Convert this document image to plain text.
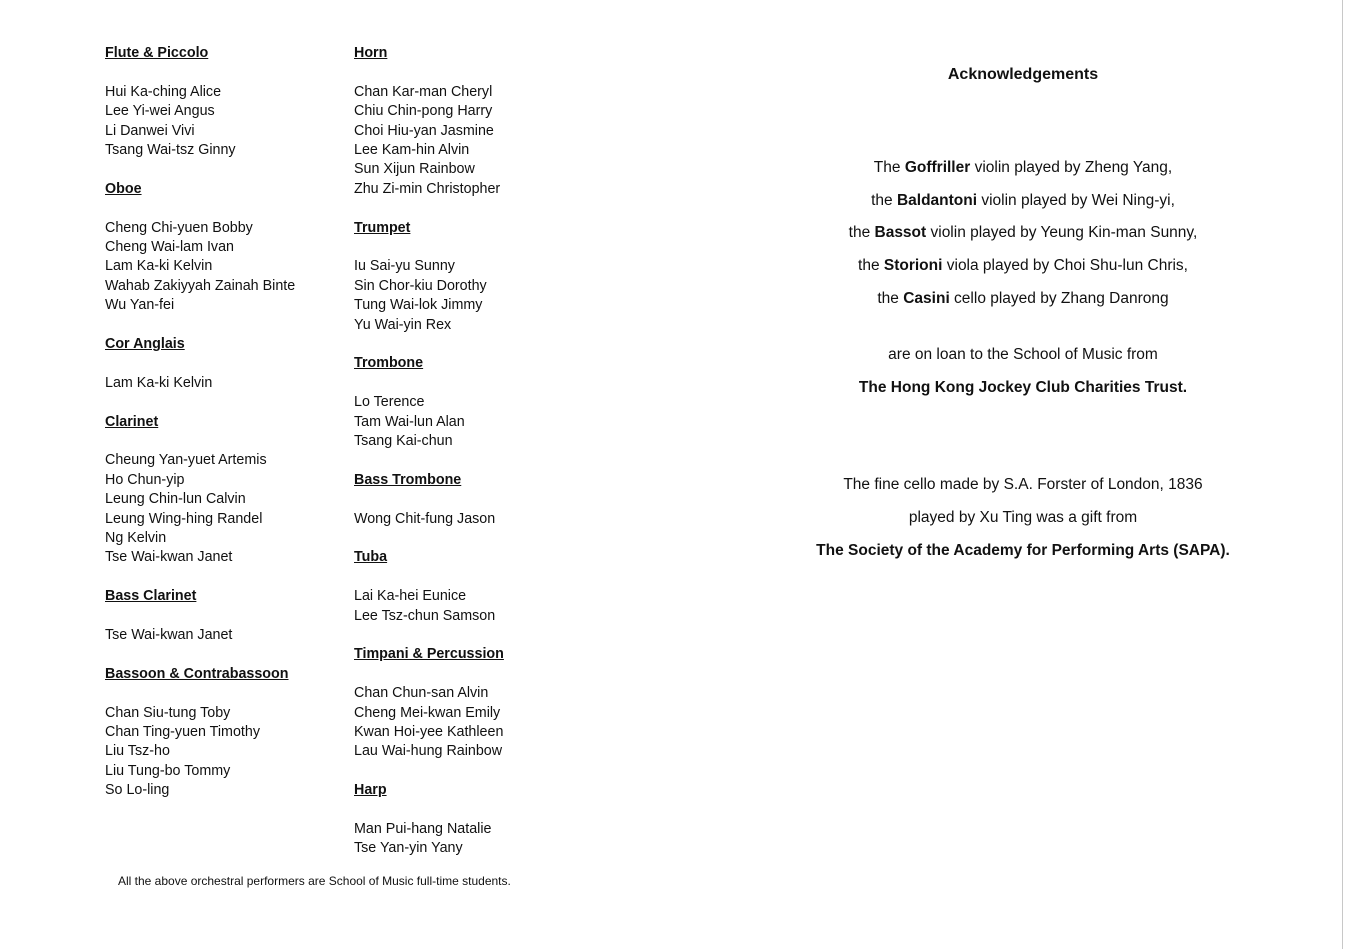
Flute & Piccolo
Hui Ka-ching Alice
Lee Yi-wei Angus
Li Danwei Vivi
Tsang Wai-tsz Ginny
Oboe
Cheng Chi-yuen Bobby
Cheng Wai-lam Ivan
Lam Ka-ki Kelvin
Wahab Zakiyyah Zainah Binte
Wu Yan-fei
Cor Anglais
Lam Ka-ki Kelvin
Clarinet
Cheung Yan-yuet Artemis
Ho Chun-yip
Leung Chin-lun Calvin
Leung Wing-hing Randel
Ng Kelvin
Tse Wai-kwan Janet
Bass Clarinet
Tse Wai-kwan Janet
Bassoon & Contrabassoon
Chan Siu-tung Toby
Chan Ting-yuen Timothy
Liu Tsz-ho
Liu Tung-bo Tommy
So Lo-ling
Horn
Chan Kar-man Cheryl
Chiu Chin-pong Harry
Choi Hiu-yan Jasmine
Lee Kam-hin Alvin
Sun Xijun Rainbow
Zhu Zi-min Christopher
Trumpet
Iu Sai-yu Sunny
Sin Chor-kiu Dorothy
Tung Wai-lok Jimmy
Yu Wai-yin Rex
Trombone
Lo Terence
Tam Wai-lun Alan
Tsang Kai-chun
Bass Trombone
Wong Chit-fung Jason
Tuba
Lai Ka-hei Eunice
Lee Tsz-chun Samson
Timpani & Percussion
Chan Chun-san Alvin
Cheng Mei-kwan Emily
Kwan Hoi-yee Kathleen
Lau Wai-hung Rainbow
Harp
Man Pui-hang Natalie
Tse Yan-yin Yany
All the above orchestral performers are School of Music full-time students.
Acknowledgements
The Goffriller violin played by Zheng Yang,
the Baldantoni violin played by Wei Ning-yi,
the Bassot violin played by Yeung Kin-man Sunny,
the Storioni viola played by Choi Shu-lun Chris,
the Casini cello played by Zhang Danrong
are on loan to the School of Music from
The Hong Kong Jockey Club Charities Trust.
The fine cello made by S.A. Forster of London, 1836
played by Xu Ting was a gift from
The Society of the Academy for Performing Arts (SAPA).
